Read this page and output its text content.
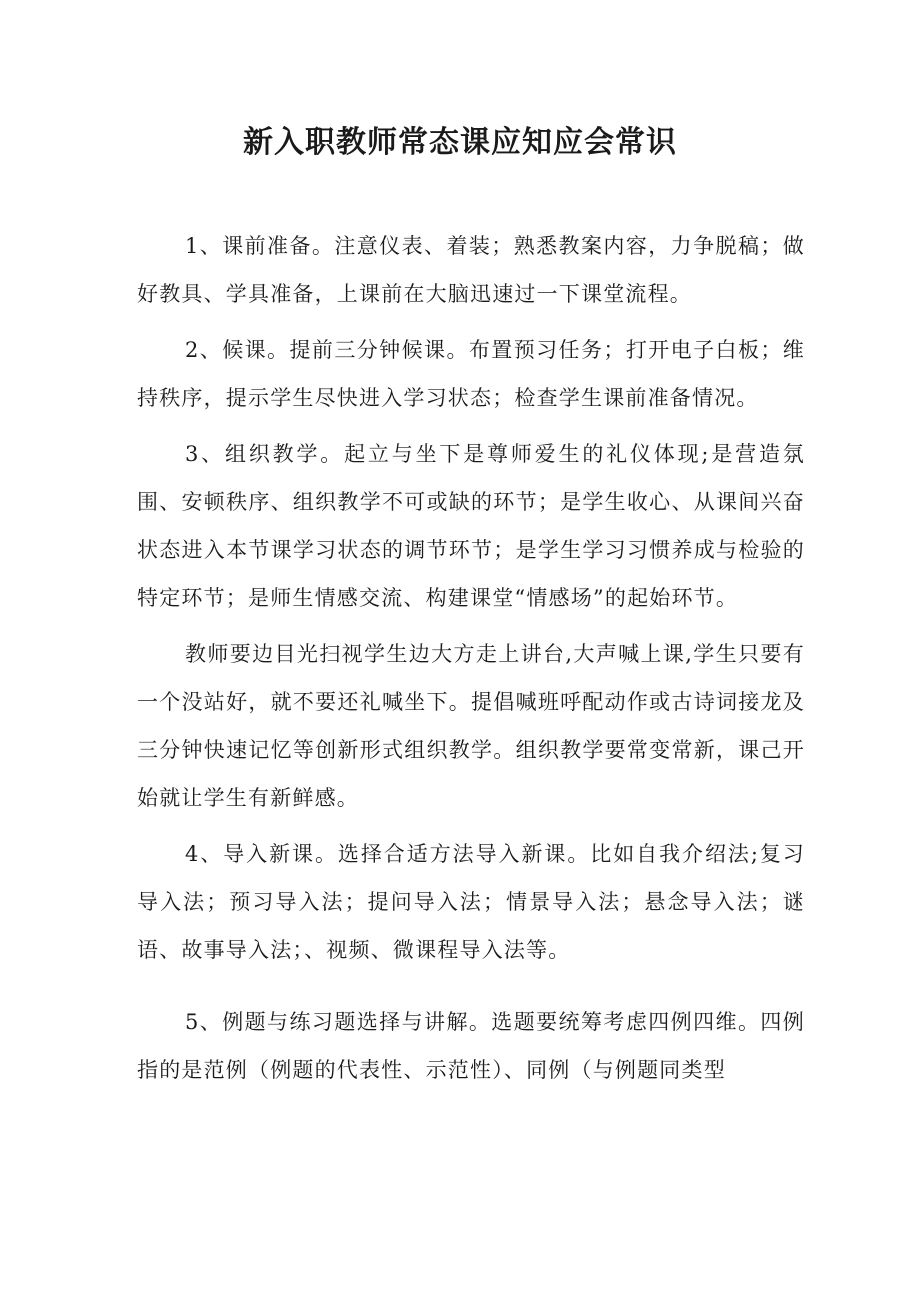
新入职教师常态课应知应会常识

1、课前准备。注意仪表、着装；熟悉教案内容，力争脱稿；做好教具、学具准备，上课前在大脑迅速过一下课堂流程。

2、候课。提前三分钟候课。布置预习任务；打开电子白板；维持秩序，提示学生尽快进入学习状态；检查学生课前准备情况。

3、组织教学。起立与坐下是尊师爱生的礼仪体现;是营造氛围、安顿秩序、组织教学不可或缺的环节；是学生收心、从课间兴奋状态进入本节课学习状态的调节环节；是学生学习习惯养成与检验的特定环节；是师生情感交流、构建课堂“情感场”的起始环节。

教师要边目光扫视学生边大方走上讲台,大声喊上课,学生只要有一个没站好，就不要还礼喊坐下。提倡喊班呼配动作或古诗词接龙及三分钟快速记忆等创新形式组织教学。组织教学要常变常新，课己开始就让学生有新鲜感。

4、导入新课。选择合适方法导入新课。比如自我介绍法;复习导入法；预习导入法；提问导入法；情景导入法；悬念导入法；谜语、故事导入法；、视频、微课程导入法等。

5、例题与练习题选择与讲解。选题要统筹考虑四例四维。四例指的是范例（例题的代表性、示范性）、同例（与例题同类型
